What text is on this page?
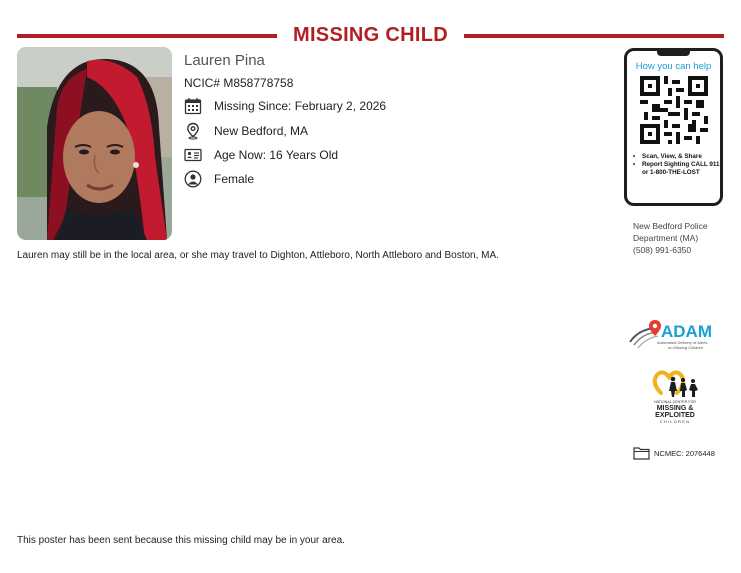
MISSING CHILD
Lauren Pina
NCIC# M858778758
Missing Since: February 2, 2026
New Bedford, MA
Age Now: 16 Years Old
Female
Lauren may still be in the local area, or she may travel to Dighton, Attleboro, North Attleboro and Boston, MA.
How you can help
• Scan, View, & Share
• Report Sighting CALL 911 or 1-800-THE-LOST
New Bedford Police
Department (MA)
(508) 991-6350
ADAM
Automated Delivery of Alerts
on Missing Children
NATIONAL CENTER FOR
MISSING &
EXPLOITED
CHILDREN
NCMEC: 2076448
This poster has been sent because this missing child may be in your area.
